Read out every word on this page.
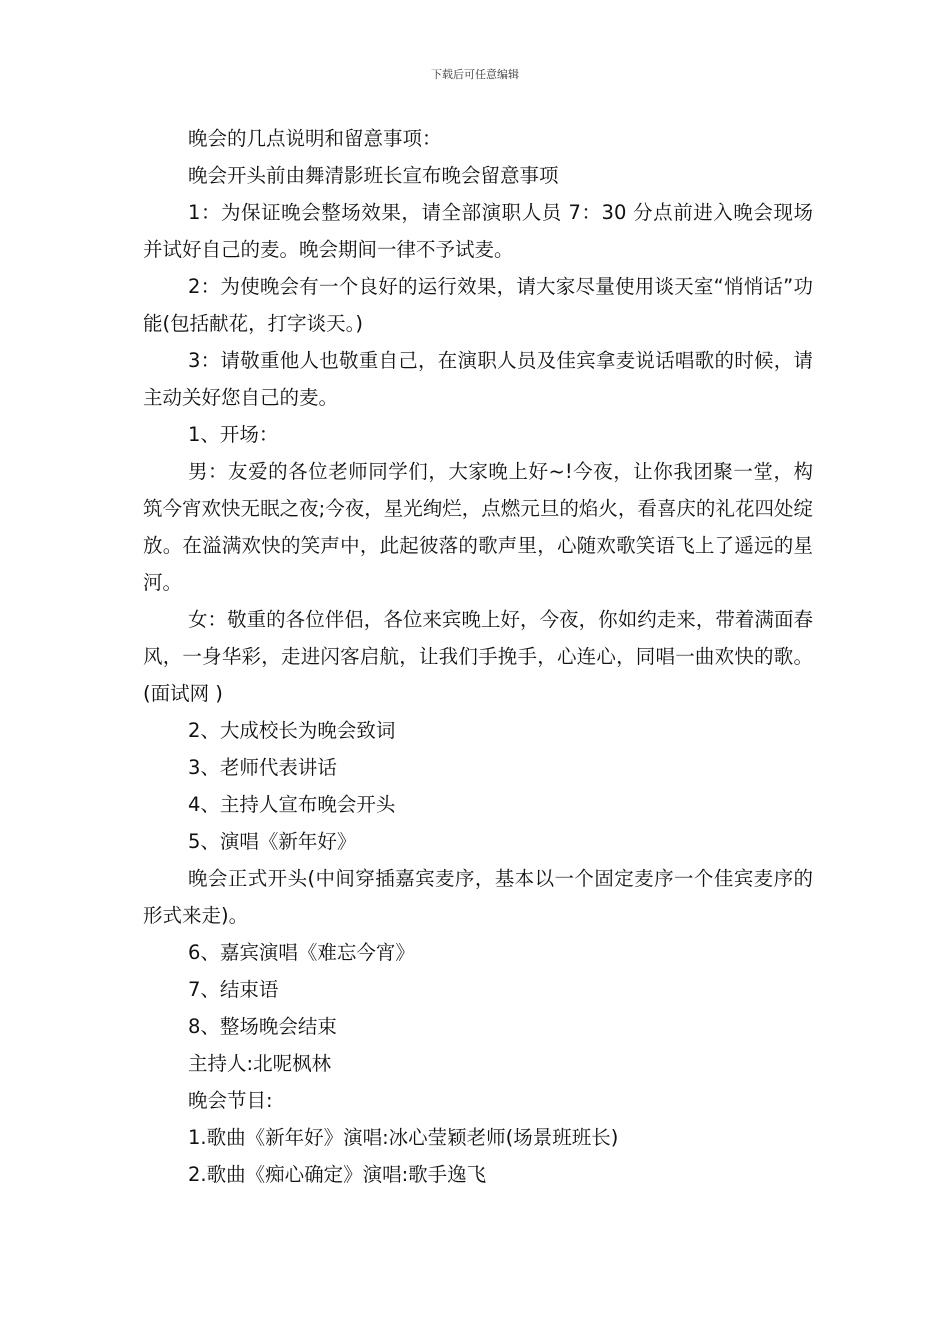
下载后可任意编辑

晚会的几点说明和留意事项：

晚会开头前由舞清影班长宣布晚会留意事项

1：为保证晚会整场效果，请全部演职人员 7：30 分点前进入晚会现场并试好自己的麦。晚会期间一律不予试麦。

2：为使晚会有一个良好的运行效果，请大家尽量使用谈天室“悄悄话”功能(包括献花，打字谈天。)

3：请敬重他人也敬重自己，在演职人员及佳宾拿麦说话唱歌的时候，请主动关好您自己的麦。

1、开场：

男：友爱的各位老师同学们，大家晚上好~!今夜，让你我团聚一堂，构筑今宵欢快无眠之夜;今夜，星光绚烂，点燃元旦的焰火，看喜庆的礼花四处绽放。在溢满欢快的笑声中，此起彼落的歌声里，心随欢歌笑语飞上了遥远的星河。

女：敬重的各位伴侣，各位来宾晚上好，今夜，你如约走来，带着满面春风，一身华彩，走进闪客启航，让我们手挽手，心连心，同唱一曲欢快的歌。(面试网 )

2、大成校长为晚会致词

3、老师代表讲话

4、主持人宣布晚会开头

5、演唱《新年好》

晚会正式开头(中间穿插嘉宾麦序，基本以一个固定麦序一个佳宾麦序的形式来走)。

6、嘉宾演唱《难忘今宵》

7、结束语

8、整场晚会结束

主持人:北呢枫林

晚会节目:

1.歌曲《新年好》演唱:冰心莹颖老师(场景班班长)

2.歌曲《痴心确定》演唱:歌手逸飞
